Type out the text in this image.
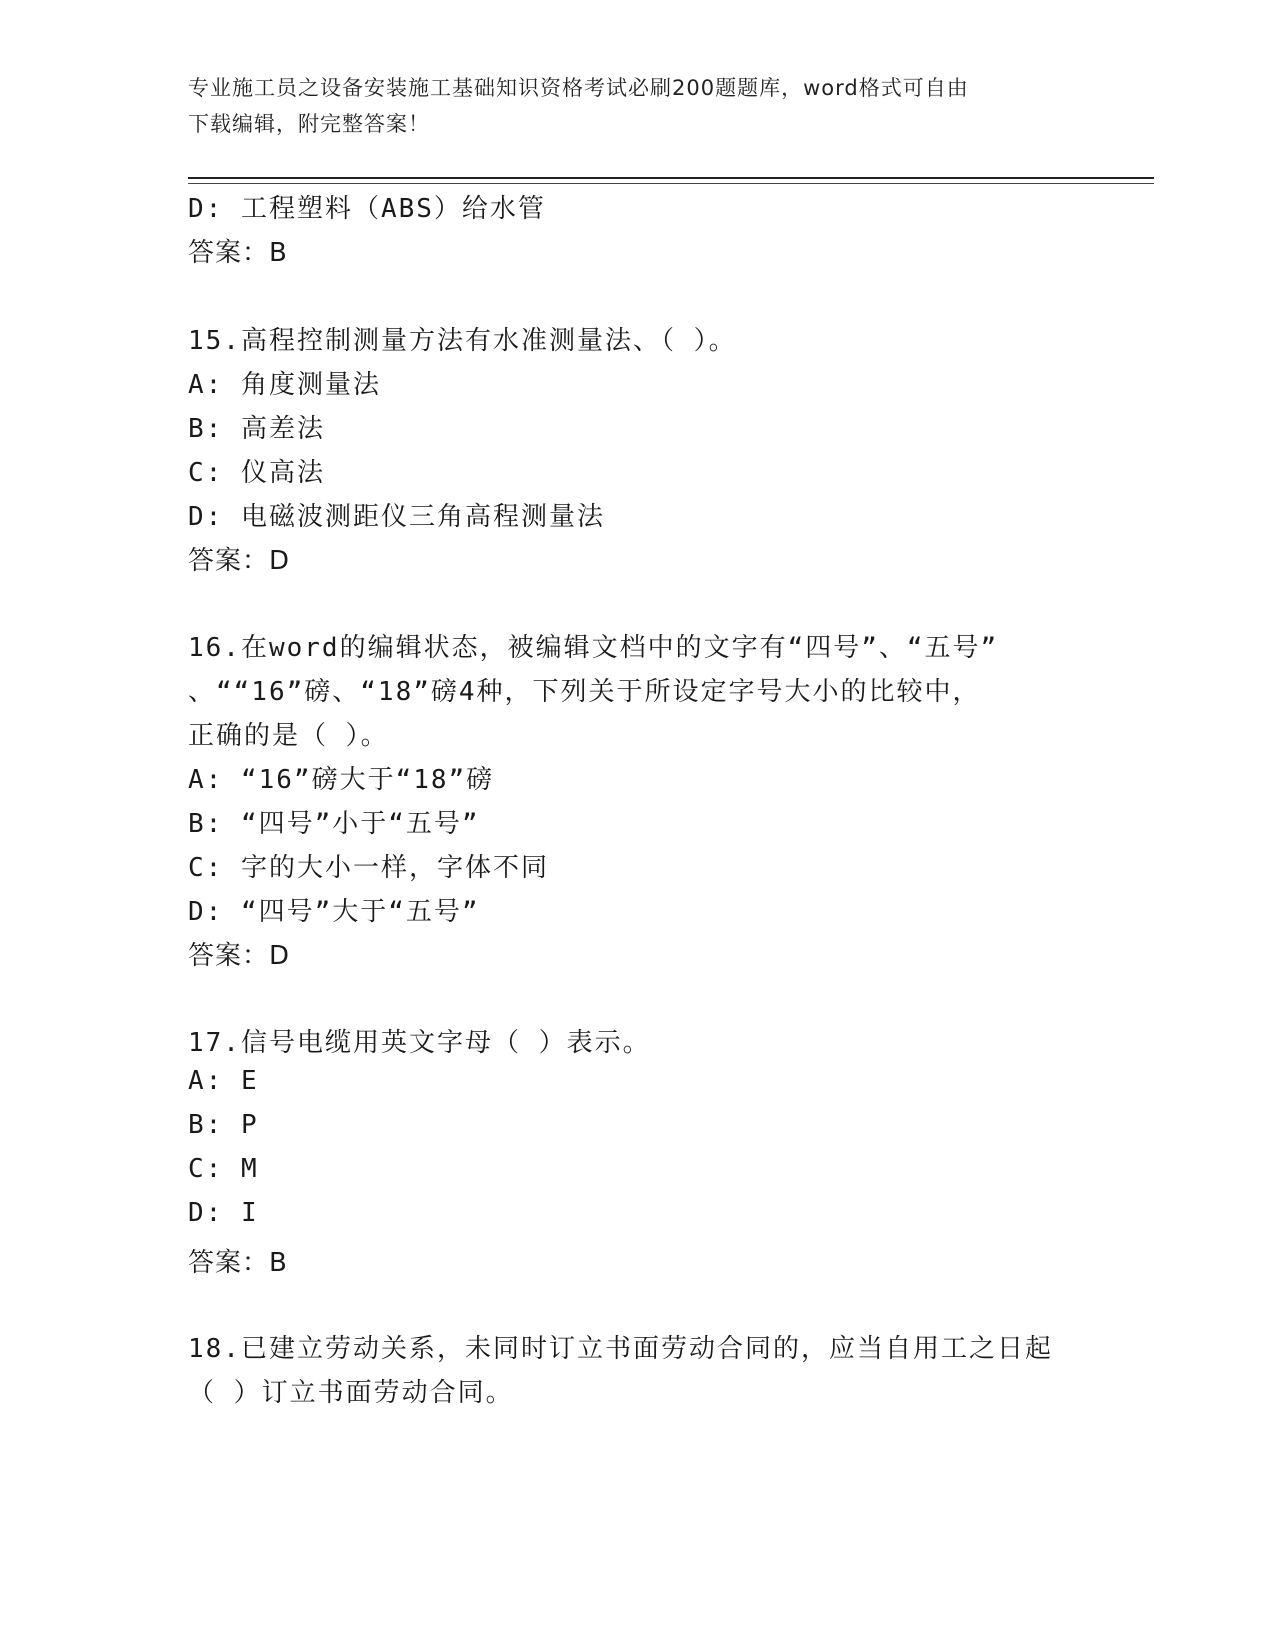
专业施工员之设备安装施工基础知识资格考试必刷200题题库，word格式可自由
下载编辑，附完整答案！
D: 工程塑料（ABS）给水管
答案：B
15.高程控制测量方法有水准测量法、（ ）。
A: 角度测量法
B: 高差法
C: 仪高法
D: 电磁波测距仪三角高程测量法
答案：D
16.在word的编辑状态，被编辑文档中的文字有“四号”、“五号”
、““16”磅、“18”磅4种，下列关于所设定字号大小的比较中，
正确的是（ ）。
A: “16”磅大于“18”磅
B: “四号”小于“五号”
C: 字的大小一样，字体不同
D: “四号”大于“五号”
答案：D
17.信号电缆用英文字母（ ）表示。
A: E
B: P
C: M
D: I
答案：B
18.已建立劳动关系，未同时订立书面劳动合同的，应当自用工之日起
（ ）订立书面劳动合同。
